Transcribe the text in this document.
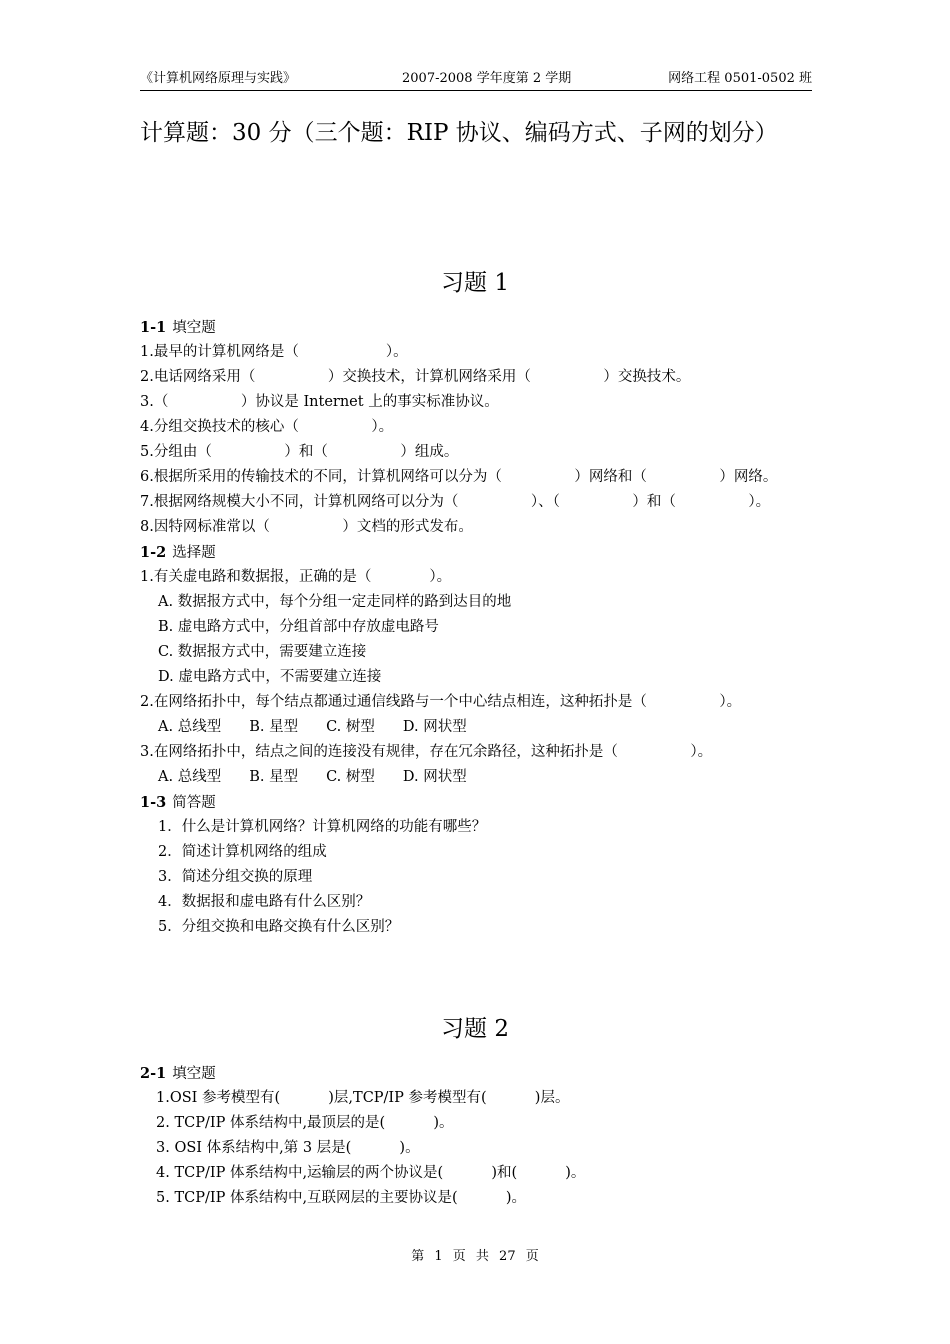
《计算机网络原理与实践》	2007-2008 学年度第 2 学期	网络工程 0501-0502 班
计算题：30 分（三个题：RIP 协议、编码方式、子网的划分）
习题 1
1-1 填空题
1.最早的计算机网络是（　　　　　　）。
2.电话网络采用（　　　　　）交换技术，计算机网络采用（　　　　　）交换技术。
3.（　　　　　）协议是 Internet 上的事实标准协议。
4.分组交换技术的核心（　　　　　）。
5.分组由（　　　　　）和（　　　　　）组成。
6.根据所采用的传输技术的不同，计算机网络可以分为（　　　　　）网络和（　　　　　）网络。
7.根据网络规模大小不同，计算机网络可以分为（　　　　　）、（　　　　　）和（　　　　　）。
8.因特网标准常以（　　　　　）文档的形式发布。
1-2 选择题
1.有关虚电路和数据报，正确的是（　　　　）。
A. 数据报方式中，每个分组一定走同样的路到达目的地
B. 虚电路方式中，分组首部中存放虚电路号
C. 数据报方式中，需要建立连接
D. 虚电路方式中，不需要建立连接
2.在网络拓扑中，每个结点都通过通信线路与一个中心结点相连，这种拓扑是（　　　　　）。
A. 总线型 B. 星型 C. 树型 D. 网状型
3.在网络拓扑中，结点之间的连接没有规律，存在冗余路径，这种拓扑是（　　　　　）。
A. 总线型 B. 星型 C. 树型 D. 网状型
1-3 简答题
1．什么是计算机网络？计算机网络的功能有哪些？
2．简述计算机网络的组成
3．简述分组交换的原理
4．数据报和虚电路有什么区别？
5．分组交换和电路交换有什么区别？
习题 2
2-1 填空题
1.OSI 参考模型有(　　　 )层,TCP/IP 参考模型有(　　　 )层。
2. TCP/IP 体系结构中,最顶层的是(　　　 )。
3. OSI 体系结构中,第 3 层是(　　　 )。
4. TCP/IP 体系结构中,运输层的两个协议是(　　　 )和(　　　 )。
5. TCP/IP 体系结构中,互联网层的主要协议是(　　　 )。
第 1 页 共 27 页
